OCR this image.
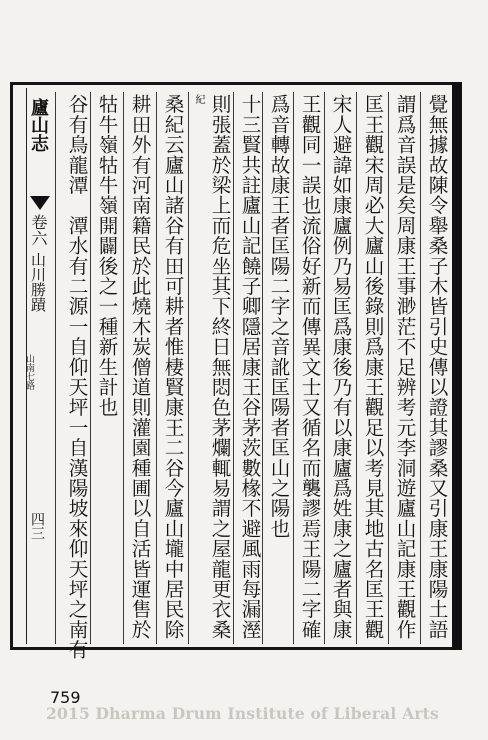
覺無據故陳令舉桑子木皆引史傳以證其謬桑又引康王康陽土語
謂爲音誤是矣周康王事渺茫不足辨考元李洞遊廬山記康王觀作
匡王觀宋周必大廬山後錄則爲康王觀足以考見其地古名匡王觀
宋人避諱如康廬例乃易匡爲康後乃有以康廬爲姓康之廬者與康
王觀同一誤也流俗好新而傳異文士又循名而襲謬焉王陽二字確
爲音轉故康王者匡陽二字之音訛匡陽者匡山之陽也
十三賢共註廬山記饒子卿隱居康王谷茅茨數椽不避風雨每漏溼
則張蓋於梁上而危坐其下終日無悶色茅爛輒易謂之屋龍更衣桑
紀
桑紀云廬山諸谷有田可耕者惟棲賢康王二谷今廬山壠中居民除
耕田外有河南籍民於此燒木炭僧道則灌園種圃以自活皆運售於
牯牛嶺牯牛嶺開闢後之一種新生計也
谷有鳥龍潭　潭水有二源一自仰天坪一自漢陽坡來仰天坪之南有
廬山志
卷六
山川勝蹟
山南七路
四三
759
2015 Dharma Drum Institute of Liberal Arts
